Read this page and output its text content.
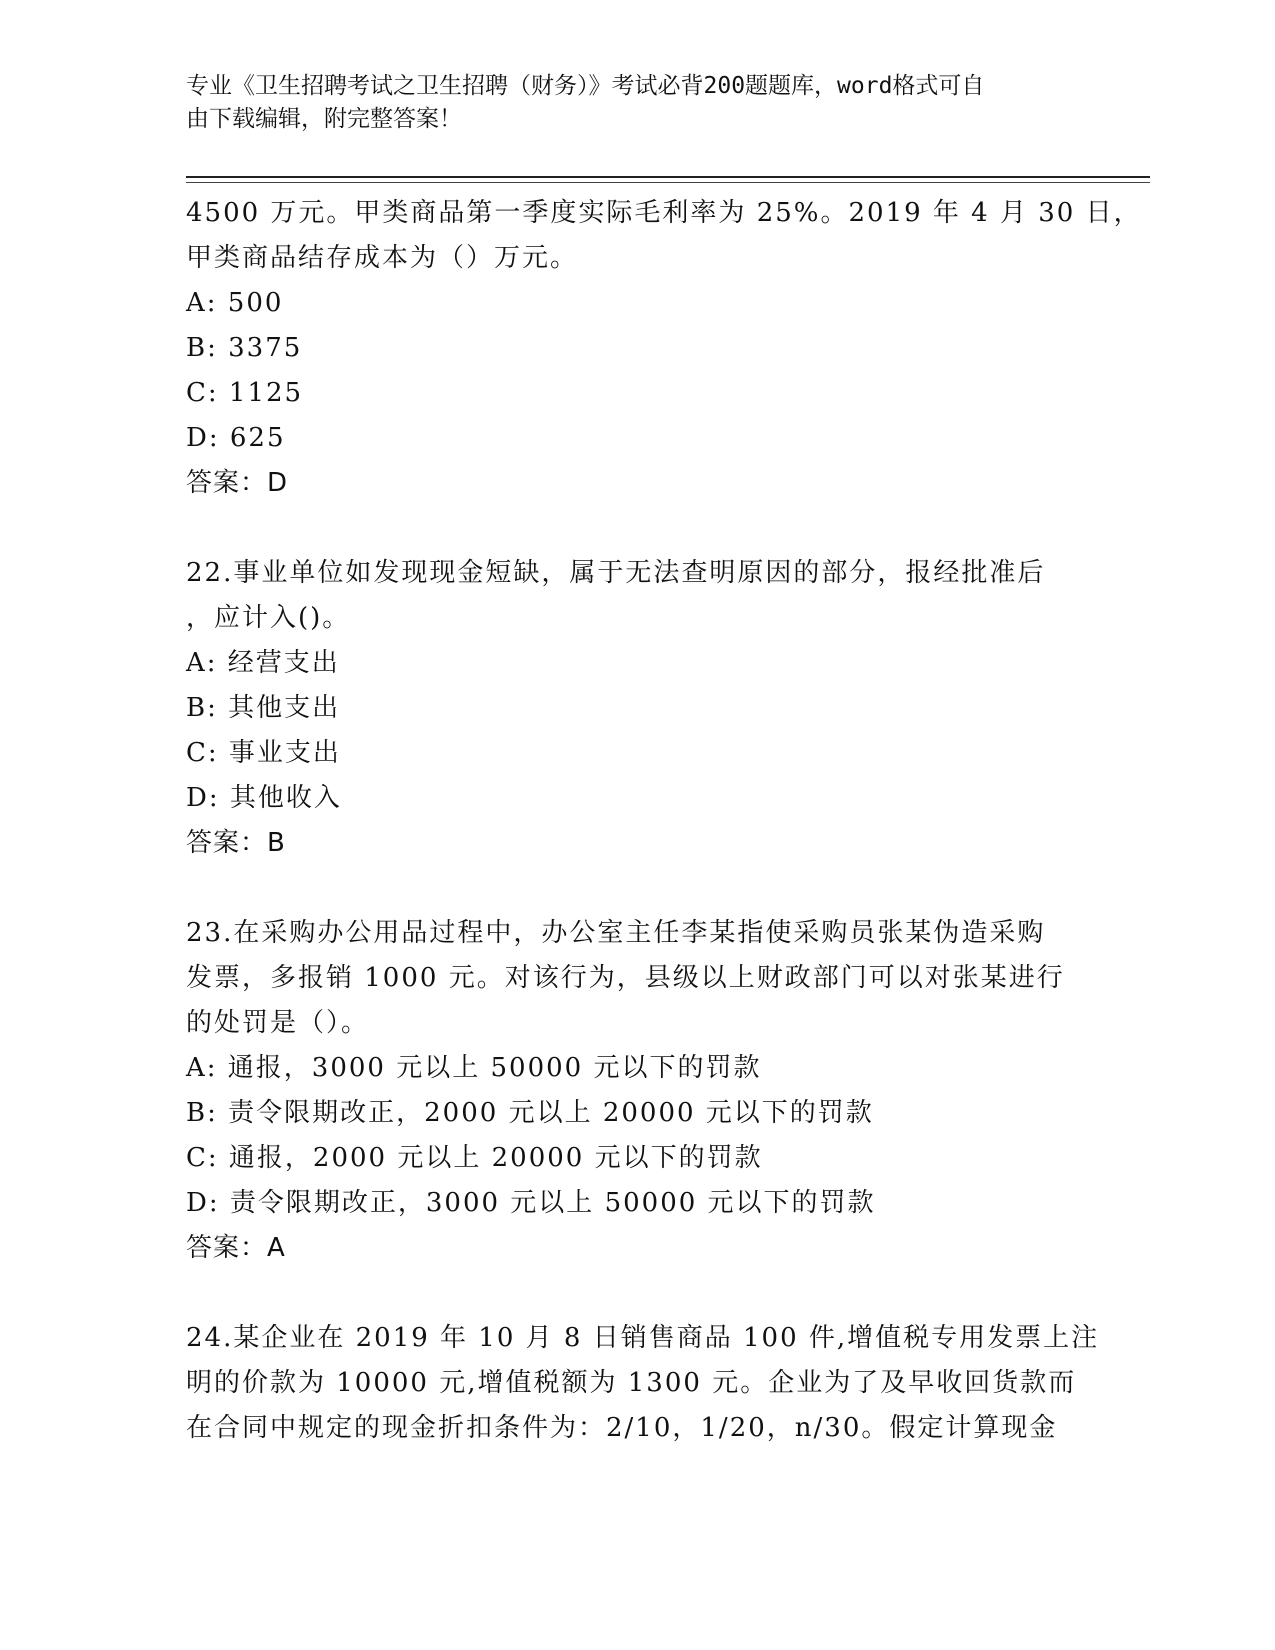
专业《卫生招聘考试之卫生招聘（财务）》考试必背200题题库，word格式可自
由下载编辑，附完整答案！
4500 万元。甲类商品第一季度实际毛利率为 25%。2019 年 4 月 30 日，
甲类商品结存成本为（）万元。
A: 500
B: 3375
C: 1125
D: 625
答案：D
22.事业单位如发现现金短缺，属于无法查明原因的部分，报经批准后
，应计入()。
A: 经营支出
B: 其他支出
C: 事业支出
D: 其他收入
答案：B
23.在采购办公用品过程中，办公室主任李某指使采购员张某伪造采购
发票，多报销 1000 元。对该行为，县级以上财政部门可以对张某进行
的处罚是（）。
A: 通报，3000 元以上 50000 元以下的罚款
B: 责令限期改正，2000 元以上 20000 元以下的罚款
C: 通报，2000 元以上 20000 元以下的罚款
D: 责令限期改正，3000 元以上 50000 元以下的罚款
答案：A
24.某企业在 2019 年 10 月 8 日销售商品 100 件,增值税专用发票上注
明的价款为 10000 元,增值税额为 1300 元。企业为了及早收回货款而
在合同中规定的现金折扣条件为：2/10，1/20，n/30。假定计算现金
